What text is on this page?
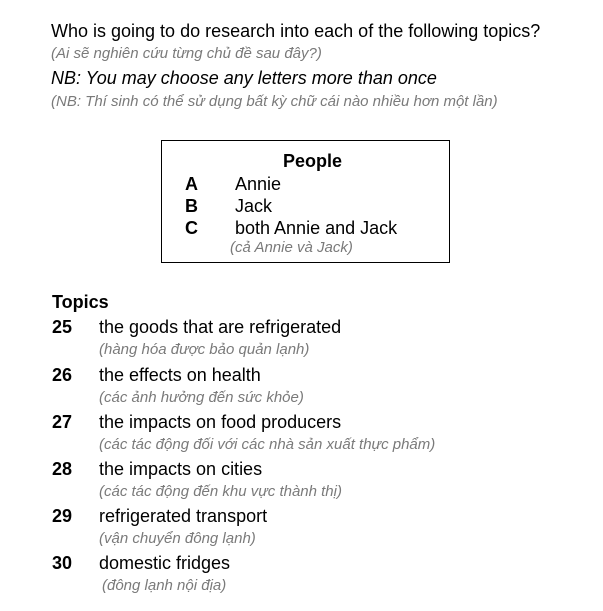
Who is going to do research into each of the following topics?
(Ai sẽ nghiên cứu từng chủ đề sau đây?)
NB: You may choose any letters more than once
(NB: Thí sinh có thể sử dụng bất kỳ chữ cái nào nhiều hơn một lần)
People
A Annie
B Jack
C both Annie and Jack
(cả Annie và Jack)
Topics
25 the goods that are refrigerated
(hàng hóa được bảo quản lạnh)
26 the effects on health
(các ảnh hưởng đến sức khỏe)
27 the impacts on food producers
(các tác động đối với các nhà sản xuất thực phẩm)
28 the impacts on cities
(các tác động đến khu vực thành thị)
29 refrigerated transport
(vận chuyển đông lạnh)
30 domestic fridges
(đông lạnh nội địa)
